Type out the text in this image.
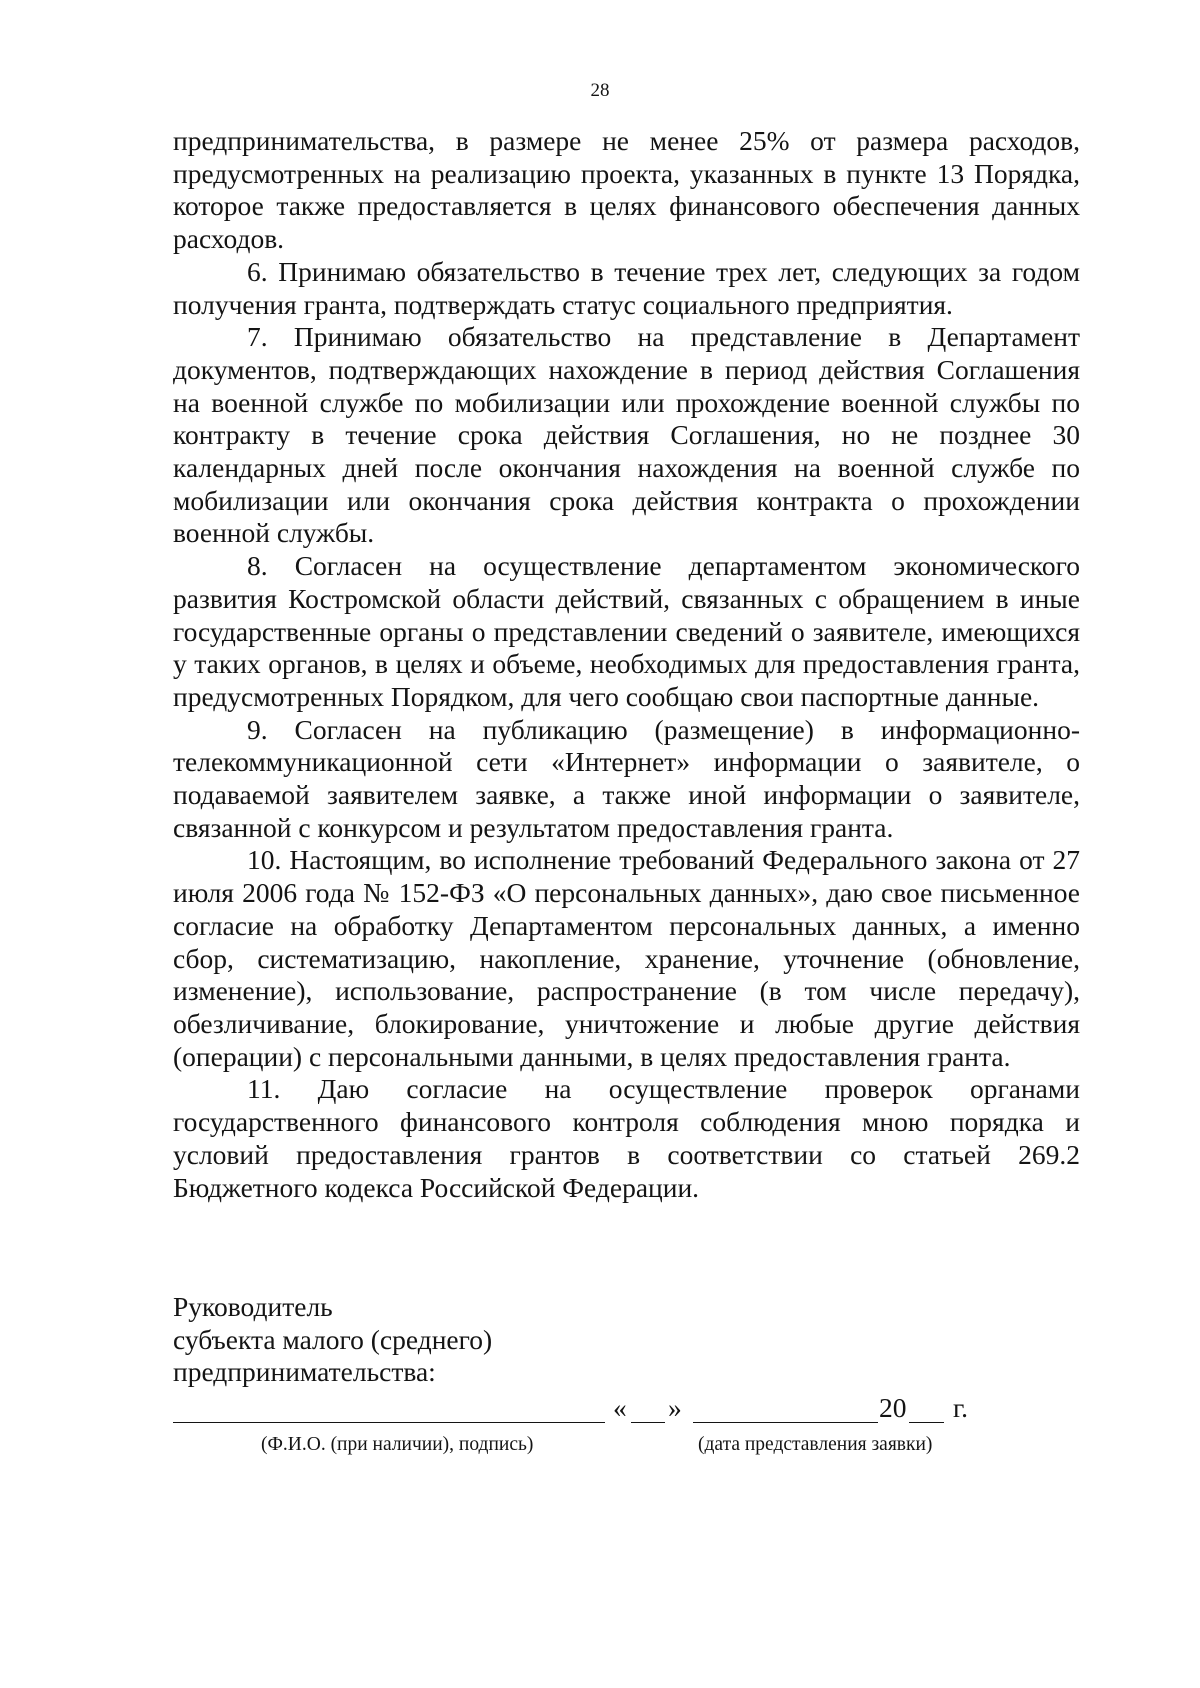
28

предпринимательства, в размере не менее 25% от размера расходов, предусмотренных на реализацию проекта, указанных в пункте 13 Порядка, которое также предоставляется в целях финансового обеспечения данных расходов.

6. Принимаю обязательство в течение трех лет, следующих за годом получения гранта, подтверждать статус социального предприятия.

7. Принимаю обязательство на представление в Департамент документов, подтверждающих нахождение в период действия Соглашения на военной службе по мобилизации или прохождение военной службы по контракту в течение срока действия Соглашения, но не позднее 30 календарных дней после окончания нахождения на военной службе по мобилизации или окончания срока действия контракта о прохождении военной службы.

8. Согласен на осуществление департаментом экономического развития Костромской области действий, связанных с обращением в иные государственные органы о представлении сведений о заявителе, имеющихся у таких органов, в целях и объеме, необходимых для предоставления гранта, предусмотренных Порядком, для чего сообщаю свои паспортные данные.

9. Согласен на публикацию (размещение) в информационно-телекоммуникационной сети «Интернет» информации о заявителе, о подаваемой заявителем заявке, а также иной информации о заявителе, связанной с конкурсом и результатом предоставления гранта.

10. Настоящим, во исполнение требований Федерального закона от 27 июля 2006 года № 152-ФЗ «О персональных данных», даю свое письменное согласие на обработку Департаментом персональных данных, а именно сбор, систематизацию, накопление, хранение, уточнение (обновление, изменение), использование, распространение (в том числе передачу), обезличивание, блокирование, уничтожение и любые другие действия (операции) с персональными данными, в целях предоставления гранта.

11. Даю согласие на осуществление проверок органами государственного финансового контроля соблюдения мною порядка и условий предоставления грантов в соответствии со статьей 269.2 Бюджетного кодекса Российской Федерации.

Руководитель
субъекта малого (среднего)
предпринимательства:
« »	20 г.
(Ф.И.О. (при наличии), подпись)	(дата представления заявки)
